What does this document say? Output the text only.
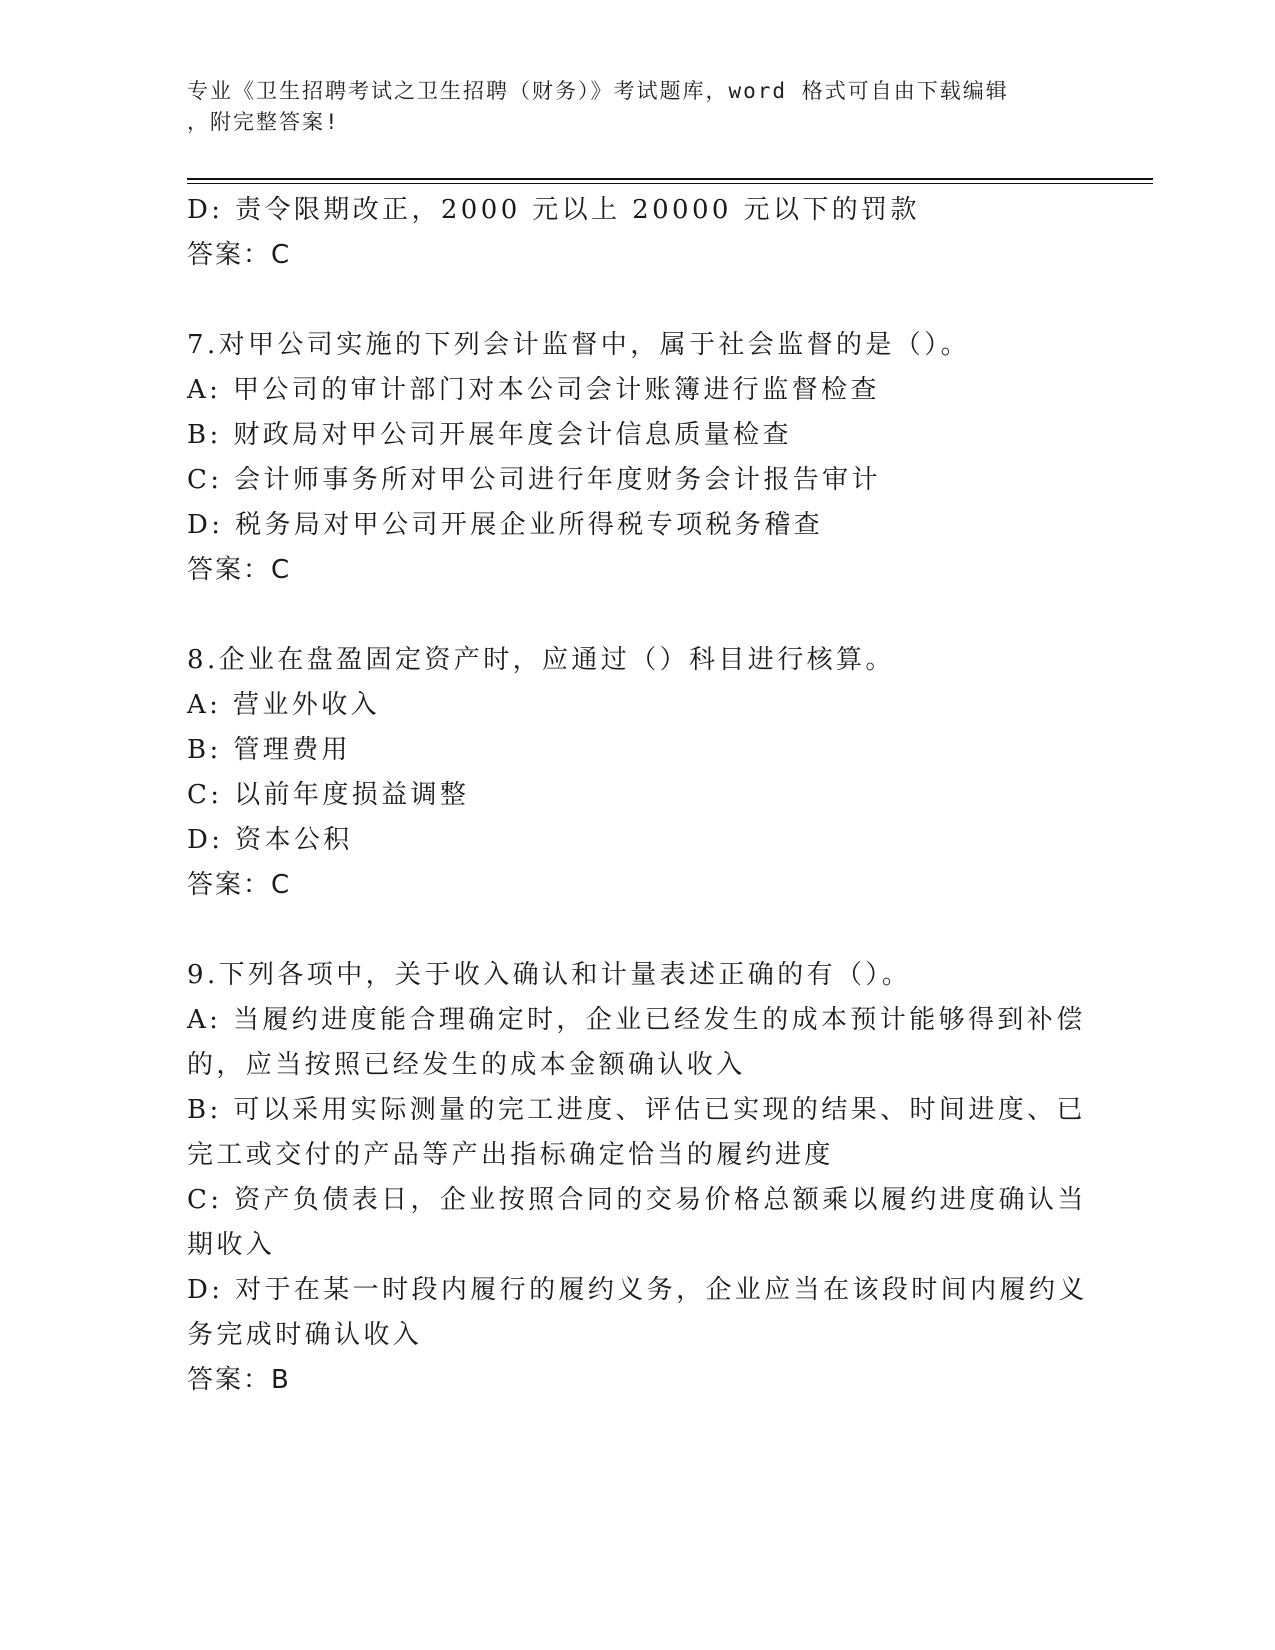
专业《卫生招聘考试之卫生招聘（财务）》考试题库，word 格式可自由下载编辑
，附完整答案!
D: 责令限期改正，2000 元以上 20000 元以下的罚款
答案：C
7.对甲公司实施的下列会计监督中，属于社会监督的是（）。
A: 甲公司的审计部门对本公司会计账簿进行监督检查
B: 财政局对甲公司开展年度会计信息质量检查
C: 会计师事务所对甲公司进行年度财务会计报告审计
D: 税务局对甲公司开展企业所得税专项税务稽查
答案：C
8.企业在盘盈固定资产时，应通过（）科目进行核算。
A: 营业外收入
B: 管理费用
C: 以前年度损益调整
D: 资本公积
答案：C
9.下列各项中，关于收入确认和计量表述正确的有（）。
A: 当履约进度能合理确定时，企业已经发生的成本预计能够得到补偿
的，应当按照已经发生的成本金额确认收入
B: 可以采用实际测量的完工进度、评估已实现的结果、时间进度、已
完工或交付的产品等产出指标确定恰当的履约进度
C: 资产负债表日，企业按照合同的交易价格总额乘以履约进度确认当
期收入
D: 对于在某一时段内履行的履约义务，企业应当在该段时间内履约义
务完成时确认收入
答案：B
